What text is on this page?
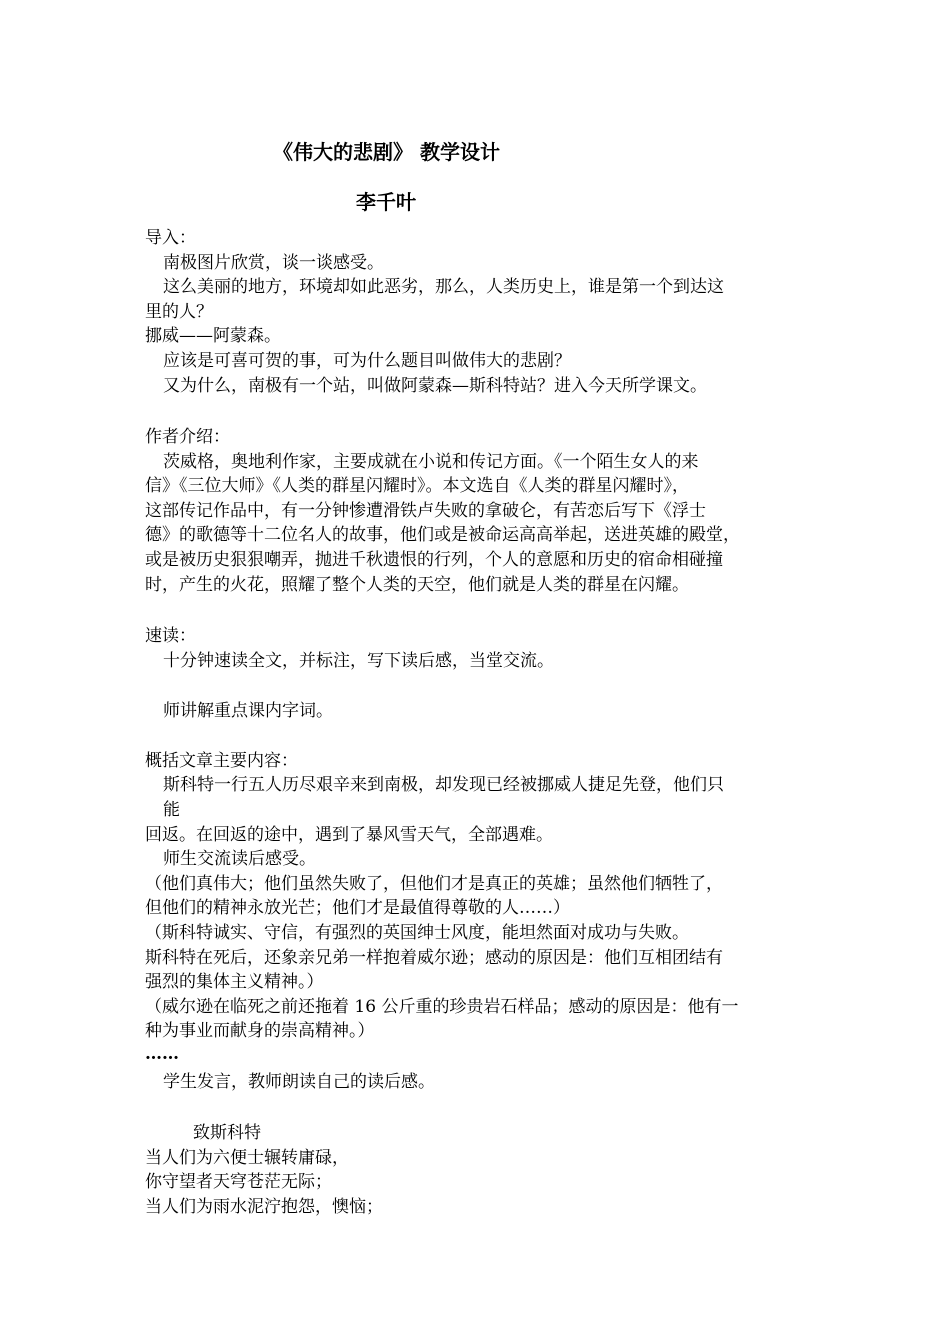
《伟大的悲剧》 教学设计
李千叶
导入：
南极图片欣赏，谈一谈感受。
这么美丽的地方，环境却如此恶劣，那么，人类历史上，谁是第一个到达这
里的人？
挪威——阿蒙森。
应该是可喜可贺的事，可为什么题目叫做伟大的悲剧？
又为什么，南极有一个站，叫做阿蒙森—斯科特站？进入今天所学课文。
作者介绍：
茨威格，奥地利作家，主要成就在小说和传记方面。《一个陌生女人的来
信》《三位大师》《人类的群星闪耀时》。本文选自《人类的群星闪耀时》，
这部传记作品中，有一分钟惨遭滑铁卢失败的拿破仑，有苦恋后写下《浮士
德》的歌德等十二位名人的故事，他们或是被命运高高举起，送进英雄的殿堂，
或是被历史狠狠嘲弄，抛进千秋遗恨的行列，个人的意愿和历史的宿命相碰撞
时，产生的火花，照耀了整个人类的天空，他们就是人类的群星在闪耀。
速读：
十分钟速读全文，并标注，写下读后感，当堂交流。
师讲解重点课内字词。
概括文章主要内容：
斯科特一行五人历尽艰辛来到南极，却发现已经被挪威人捷足先登，他们只
能
回返。在回返的途中，遇到了暴风雪天气，全部遇难。
师生交流读后感受。
（他们真伟大；他们虽然失败了，但他们才是真正的英雄；虽然他们牺牲了，
但他们的精神永放光芒；他们才是最值得尊敬的人……）
（斯科特诚实、守信，有强烈的英国绅士风度，能坦然面对成功与失败。
斯科特在死后，还象亲兄弟一样抱着威尔逊；感动的原因是：他们互相团结有
强烈的集体主义精神。）
（威尔逊在临死之前还拖着 16 公斤重的珍贵岩石样品；感动的原因是：他有一
种为事业而献身的崇高精神。）
……
学生发言，教师朗读自己的读后感。
致斯科特
当人们为六便士辗转庸碌，
你守望者天穹苍茫无际；
当人们为雨水泥泞抱怨，懊恼；
